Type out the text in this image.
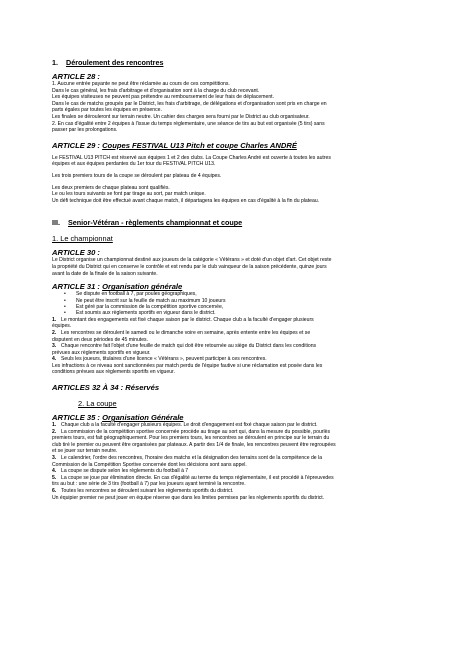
1. Déroulement des rencontres
ARTICLE 28 :

1. Aucune entrée payante ne peut être réclamée au cours de ces compétitions.

Dans le cas général, les frais d'arbitrage et d'organisation sont à la charge du club recevant.

Les équipes visiteuses ne peuvent pas prétendre au remboursement de leur frais de déplacement.

Dans le cas de matchs groupés par le District, les frais d'arbitrage, de délégations et d'organisation sont pris en charge en

parts égales par toutes les équipes en présence.

Les finales se dérouleront sur terrain neutre. Un cahier des charges sera fourni par le District au club organisateur.

2. En cas d'égalité entre 2 équipes à l'issue du temps réglementaire, une séance de tirs au but est organisée (5 tirs) sans

passer par les prolongations.

ARTICLE 29 : Coupes FESTIVAL U13 Pitch et coupe Charles ANDRÉ

Le FESTIVAL U13 PITCH est réservé aux équipes 1 et 2 des clubs. La Coupe Charles André est ouverte à toutes les autres

équipes et aux équipes perdantes du 1er tour du FESTIVAL PITCH U13.

Les trois premiers tours de la coupe se déroulent par plateau de 4 équipes.

Les deux premiers de chaque plateau sont qualifiés.

Le ou les tours suivants se font par tirage au sort, par match unique.

Un défi technique doit être effectué avant chaque match, il départagera les équipes en cas d'égalité à la fin du plateau.

III. Senior-Vétéran - règlements championnat et coupe
1. Le championnat
ARTICLE 30 :

Le District organise un championnat destiné aux joueurs de la catégorie « Vétérans » et doté d'un objet d'art. Cet objet reste

la propriété du District qui en conserve le contrôle et est rendu par le club vainqueur de la saison précédente, quinze jours

avant la date de la finale de la saison suivante.

ARTICLE 31 : Organisation générale
•	Se dispute en football à 7, par poules géographiques,
•	Ne peut être inscrit sur la feuille de match au maximum 10 joueurs
•	Est géré par la commission de la compétition sportive concernée,
•	Est soumis aux règlements sportifs en vigueur dans le district.
1. Le montant des engagements est fixé chaque saison par le district. Chaque club a la faculté d'engager plusieurs

équipes.

2. Les rencontres se déroulent le samedi ou le dimanche voire en semaine, après entente entre les équipes et se

disputent en deux périodes de 45 minutes.

3. Chaque rencontre fait l'objet d'une feuille de match qui doit être retournée au siège du District dans les conditions

prévues aux règlements sportifs en vigueur.

4. Seuls les joueurs, titulaires d'une licence « Vétérans », peuvent participer à ces rencontres.

Les infractions à ce niveau sont sanctionnées par match perdu de l'équipe fautive si une réclamation est posée dans les

conditions prévues aux règlements sportifs en vigueur.

ARTICLES 32 À 34 : Réservés
2. La coupe
ARTICLE 35 : Organisation Générale
1. Chaque club a la faculté d'engager plusieurs équipes. Le droit d'engagement est fixé chaque saison par le district.
2. La commission de la compétition sportive concernée procède au tirage au sort qui, dans la mesure du possible, pourlès

premiers tours, est fait géographiquement. Pour les premiers tours, les rencontres se déroulent en principe sur le terrain du

club tiré le premier ou peuvent être organisées par plateaux. A partir des 1/4 de finale, les rencontres peuvent être regroupées

et se jouer sur terrain neutre.

3. Le calendrier, l'ordre des rencontres, l'horaire des matchs et la désignation des terrains sont de la compétence de la

Commission de la Compétition Sportive concernée dont les décisions sont sans appel.

4. La coupe se dispute selon les règlements du football à 7
5. La coupe se joue par élimination directe. En cas d'égalité au terme du temps réglementaire, il est procédé à l'épreuvedes

tirs au but : une série de 3 tirs (football à 7) par les joueurs ayant terminé la rencontre.

6. Toutes les rencontres se déroulent suivant les règlements sportifs du district.

Un équipier premier ne peut jouer en équipe réserve que dans les limites permises par les règlements sportifs du district.
